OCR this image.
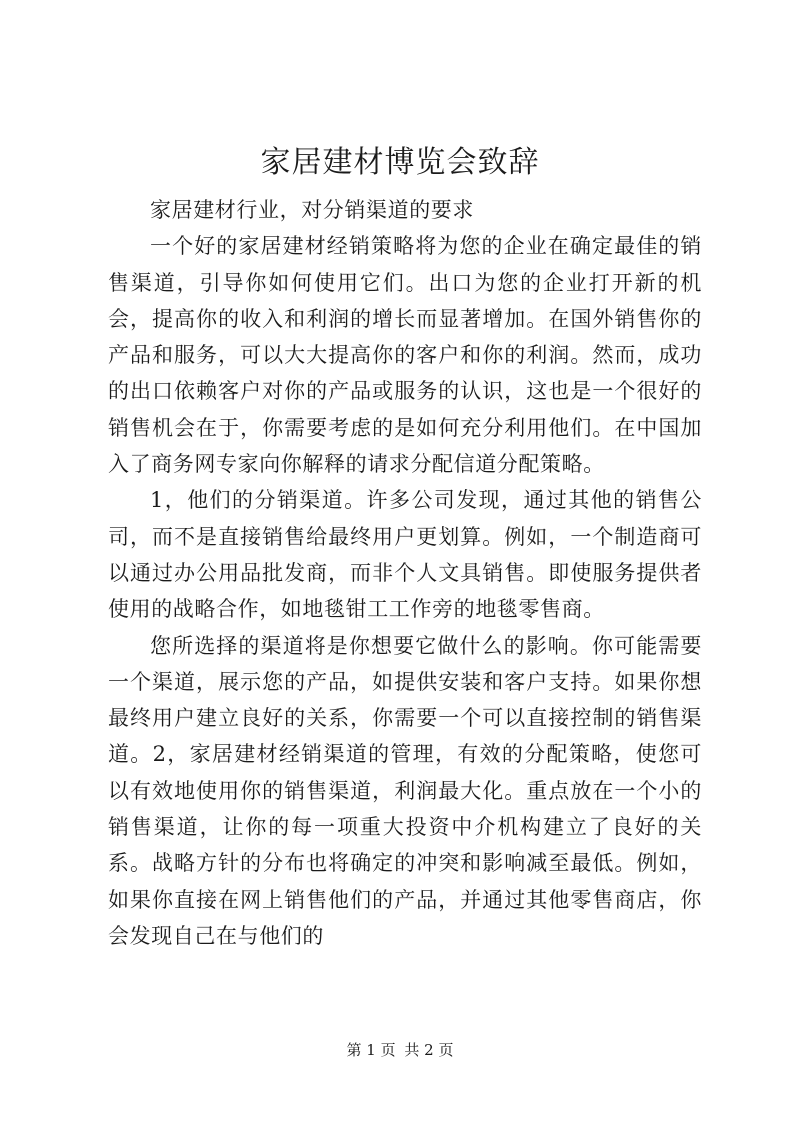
家居建材博览会致辞

家居建材行业，对分销渠道的要求

一个好的家居建材经销策略将为您的企业在确定最佳的销售渠道，引导你如何使用它们。出口为您的企业打开新的机会，提高你的收入和利润的增长而显著增加。在国外销售你的产品和服务，可以大大提高你的客户和你的利润。然而，成功的出口依赖客户对你的产品或服务的认识，这也是一个很好的销售机会在于，你需要考虑的是如何充分利用他们。在中国加入了商务网专家向你解释的请求分配信道分配策略。

1，他们的分销渠道。许多公司发现，通过其他的销售公司，而不是直接销售给最终用户更划算。例如，一个制造商可以通过办公用品批发商，而非个人文具销售。即使服务提供者使用的战略合作，如地毯钳工工作旁的地毯零售商。

您所选择的渠道将是你想要它做什么的影响。你可能需要一个渠道，展示您的产品，如提供安装和客户支持。如果你想最终用户建立良好的关系，你需要一个可以直接控制的销售渠道。2，家居建材经销渠道的管理，有效的分配策略，使您可以有效地使用你的销售渠道，利润最大化。重点放在一个小的销售渠道，让你的每一项重大投资中介机构建立了良好的关系。战略方针的分布也将确定的冲突和影响减至最低。例如，如果你直接在网上销售他们的产品，并通过其他零售商店，你会发现自己在与他们的

第 1 页 共 2 页
